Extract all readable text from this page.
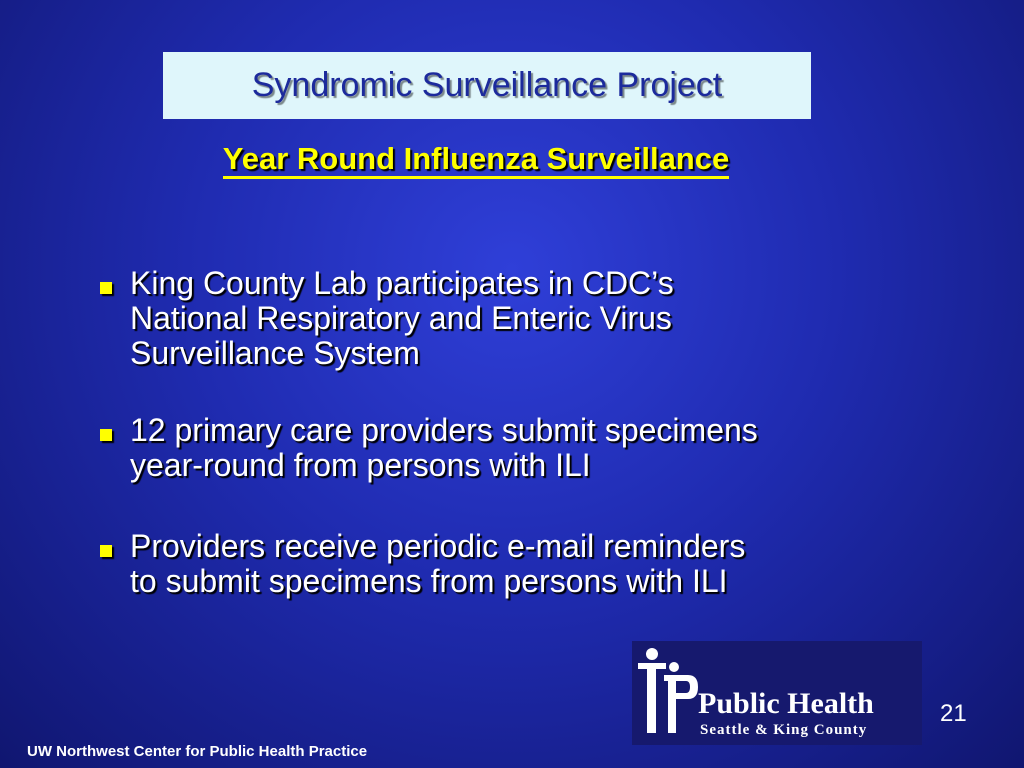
Syndromic Surveillance Project
Year Round Influenza Surveillance
King County Lab participates in CDC’s
National Respiratory and Enteric Virus
Surveillance System
12 primary care providers submit specimens
year-round from persons with ILI
Providers receive periodic e-mail reminders
to submit specimens from persons with ILI
Public Health
Seattle & King County
21
UW Northwest Center for Public Health Practice
